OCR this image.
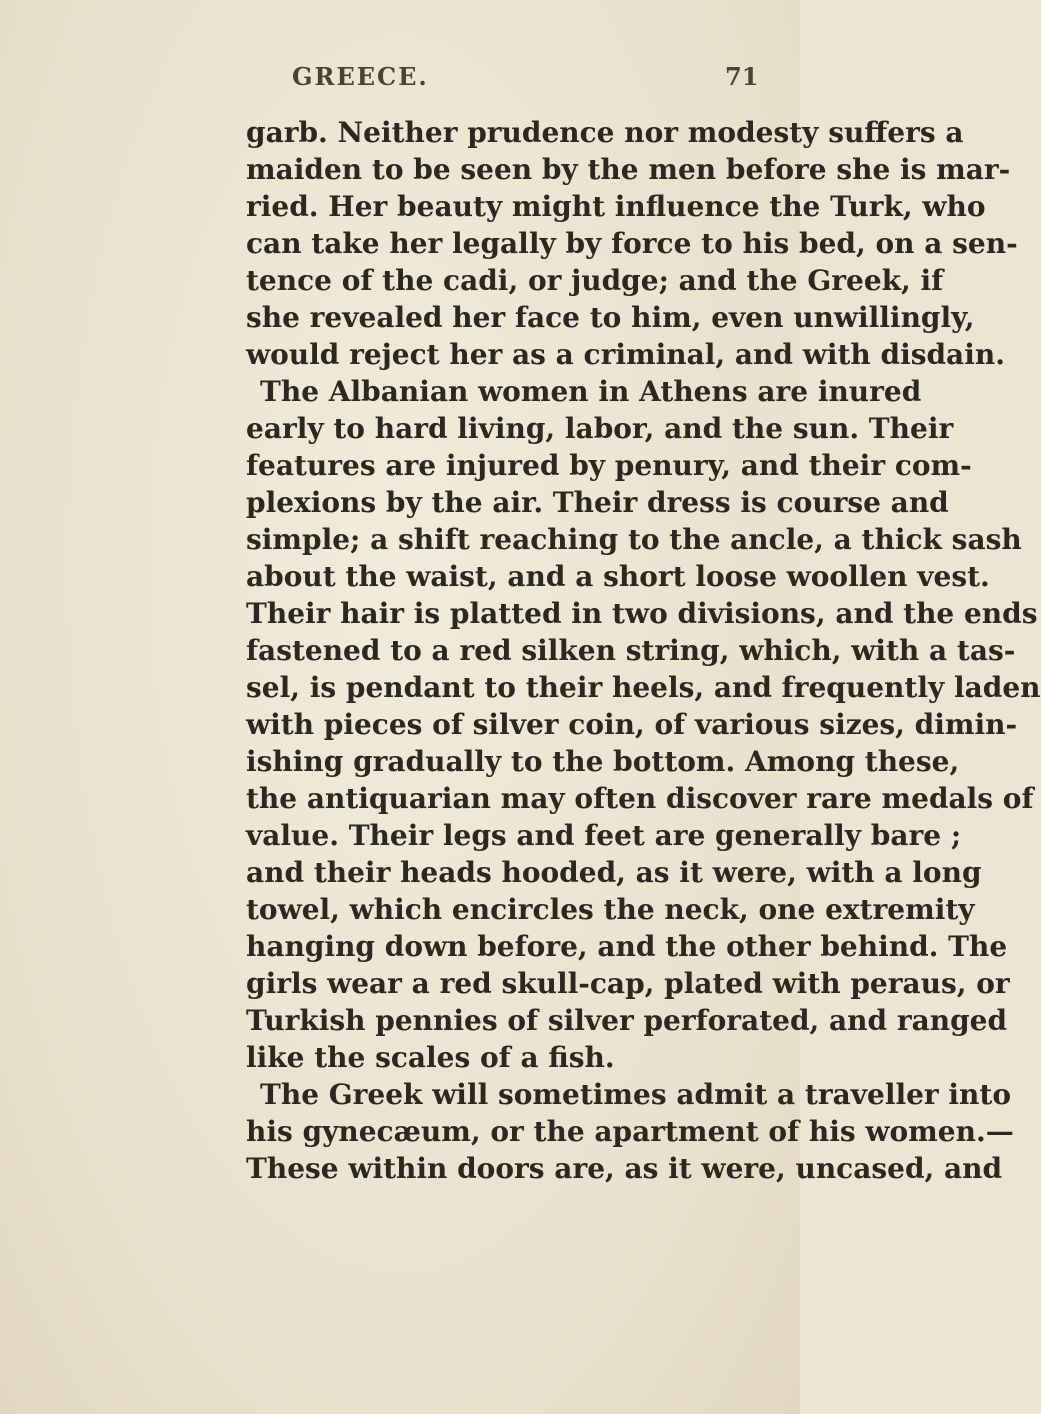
GREECE.	71
garb. Neither prudence nor modesty suffers a
maiden to be seen by the men before she is mar-
ried. Her beauty might influence the Turk, who
can take her legally by force to his bed, on a sen-
tence of the cadi, or judge; and the Greek, if
she revealed her face to him, even unwillingly,
would reject her as a criminal, and with disdain.
The Albanian women in Athens are inured
early to hard living, labor, and the sun. Their
features are injured by penury, and their com-
plexions by the air. Their dress is course and
simple; a shift reaching to the ancle, a thick sash
about the waist, and a short loose woollen vest.
Their hair is platted in two divisions, and the ends
fastened to a red silken string, which, with a tas-
sel, is pendant to their heels, and frequently laden
with pieces of silver coin, of various sizes, dimin-
ishing gradually to the bottom. Among these,
the antiquarian may often discover rare medals of
value. Their legs and feet are generally bare ;
and their heads hooded, as it were, with a long
towel, which encircles the neck, one extremity
hanging down before, and the other behind. The
girls wear a red skull-cap, plated with peraus, or
Turkish pennies of silver perforated, and ranged
like the scales of a fish.
The Greek will sometimes admit a traveller into
his gynecæum, or the apartment of his women.—
These within doors are, as it were, uncased, and
